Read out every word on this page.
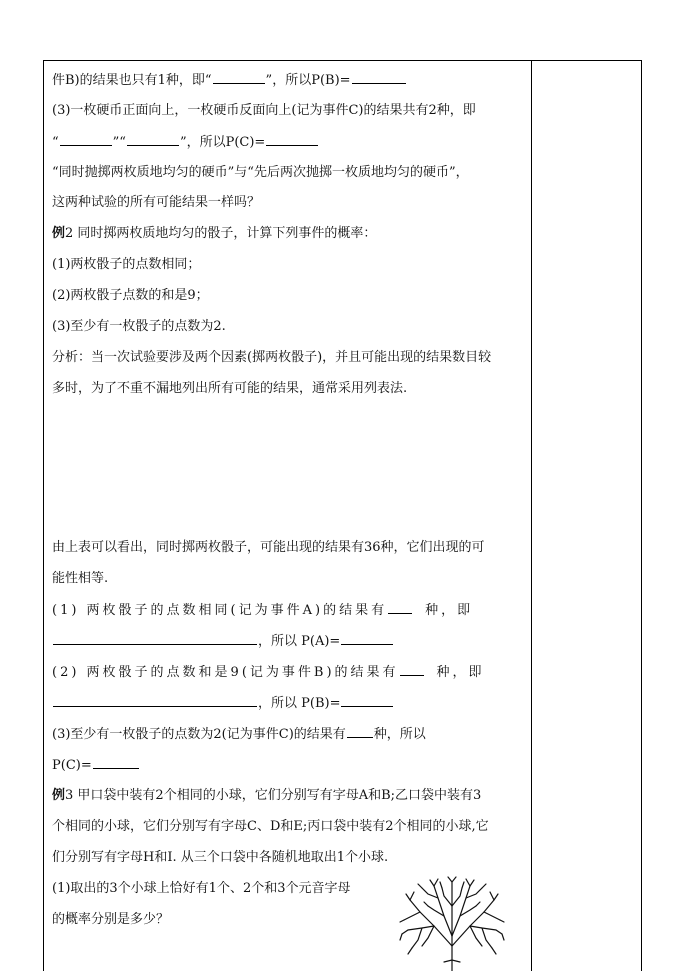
件B)的结果也只有1种，即“	”，所以P(B)=
(3)一枚硬币正面向上，一枚硬币反面向上(记为事件C)的结果共有2种，即
“	”“	”，所以P(C)=
“同时抛掷两枚质地均匀的硬币”与“先后两次抛掷一枚质地均匀的硬币”，
这两种试验的所有可能结果一样吗？
例2 同时掷两枚质地均匀的骰子，计算下列事件的概率：
(1)两枚骰子的点数相同；
(2)两枚骰子点数的和是9；
(3)至少有一枚骰子的点数为2.
分析：当一次试验要涉及两个因素(掷两枚骰子)，并且可能出现的结果数目较
多时，为了不重不漏地列出所有可能的结果，通常采用列表法.
由上表可以看出，同时掷两枚骰子，可能出现的结果有36种，它们出现的可
能性相等.
(1) 两枚骰子的点数相同(记为事件A)的结果有	种，即
，所以 P(A)=
(2) 两枚骰子的点数和是9(记为事件B)的结果有	种，即
，所以 P(B)=
(3)至少有一枚骰子的点数为2(记为事件C)的结果有 种，所以
P(C)=
例3 甲口袋中装有2个相同的小球，它们分别写有字母A和B;乙口袋中装有3
个相同的小球，它们分别写有字母C、D和E;丙口袋中装有2个相同的小球,它
们分别写有字母H和I. 从三个口袋中各随机地取出1个小球.
(1)取出的3个小球上恰好有1个、2个和3个元音字母
的概率分别是多少？
